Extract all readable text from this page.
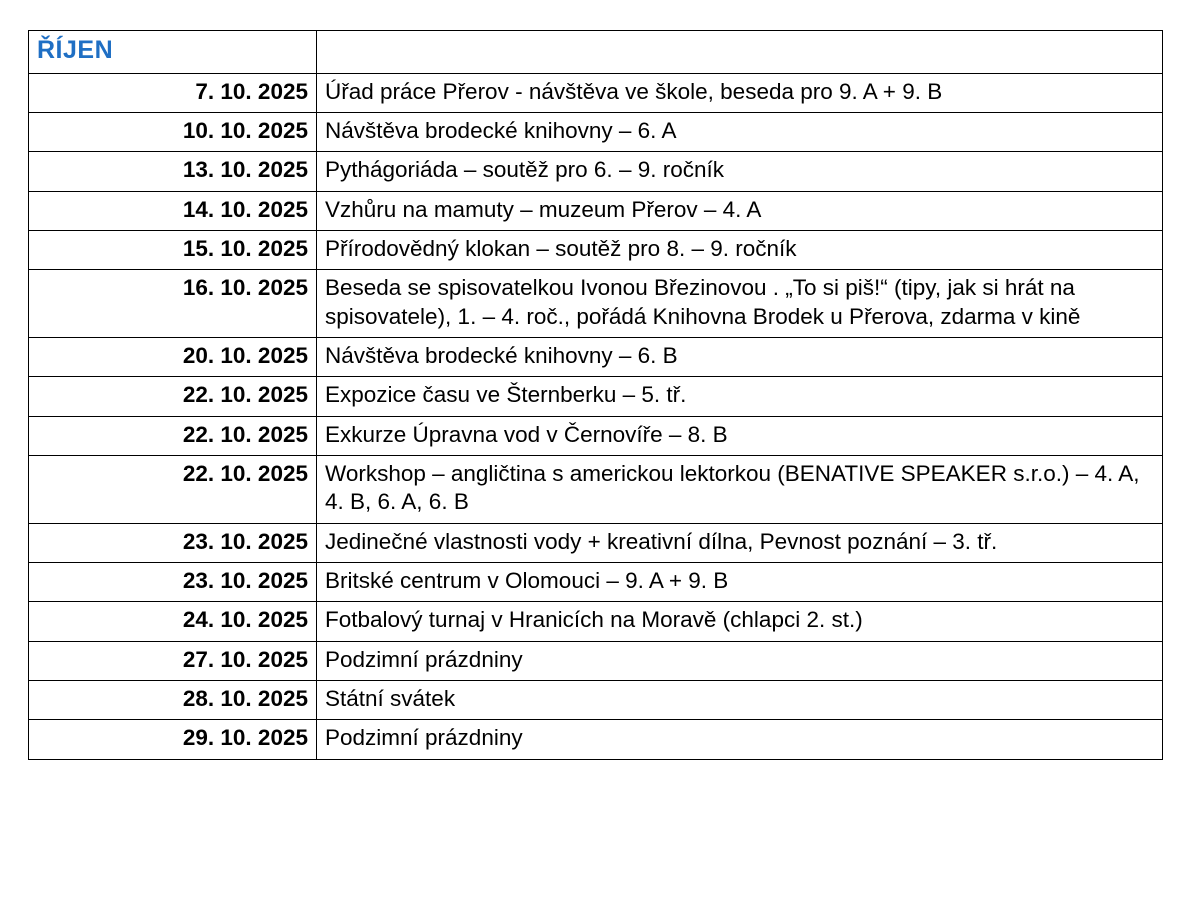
ŘÍJEN	
7. 10. 2025	Úřad práce Přerov - návštěva ve škole, beseda pro 9. A + 9. B
10. 10. 2025	Návštěva brodecké knihovny – 6. A
13. 10. 2025	Pythágoriáda – soutěž pro 6. – 9. ročník
14. 10. 2025	Vzhůru na mamuty – muzeum Přerov – 4. A
15. 10. 2025	Přírodovědný klokan – soutěž pro 8. – 9. ročník
16. 10. 2025	Beseda se spisovatelkou Ivonou Březinovou . „To si piš!“ (tipy, jak si hrát na spisovatele), 1. – 4. roč., pořádá Knihovna Brodek u Přerova, zdarma v kině
20. 10. 2025	Návštěva brodecké knihovny – 6. B
22. 10. 2025	Expozice času ve Šternberku – 5. tř.
22. 10. 2025	Exkurze Úpravna vod v Černovíře – 8. B
22. 10. 2025	Workshop – angličtina s americkou lektorkou (BENATIVE SPEAKER s.r.o.) – 4. A, 4. B, 6. A, 6. B
23. 10. 2025	Jedinečné vlastnosti vody + kreativní dílna, Pevnost poznání – 3. tř.
23. 10. 2025	Britské centrum v Olomouci – 9. A + 9. B
24. 10. 2025	Fotbalový turnaj v Hranicích na Moravě (chlapci 2. st.)
27. 10. 2025	Podzimní prázdniny
28. 10. 2025	Státní svátek
29. 10. 2025	Podzimní prázdniny
